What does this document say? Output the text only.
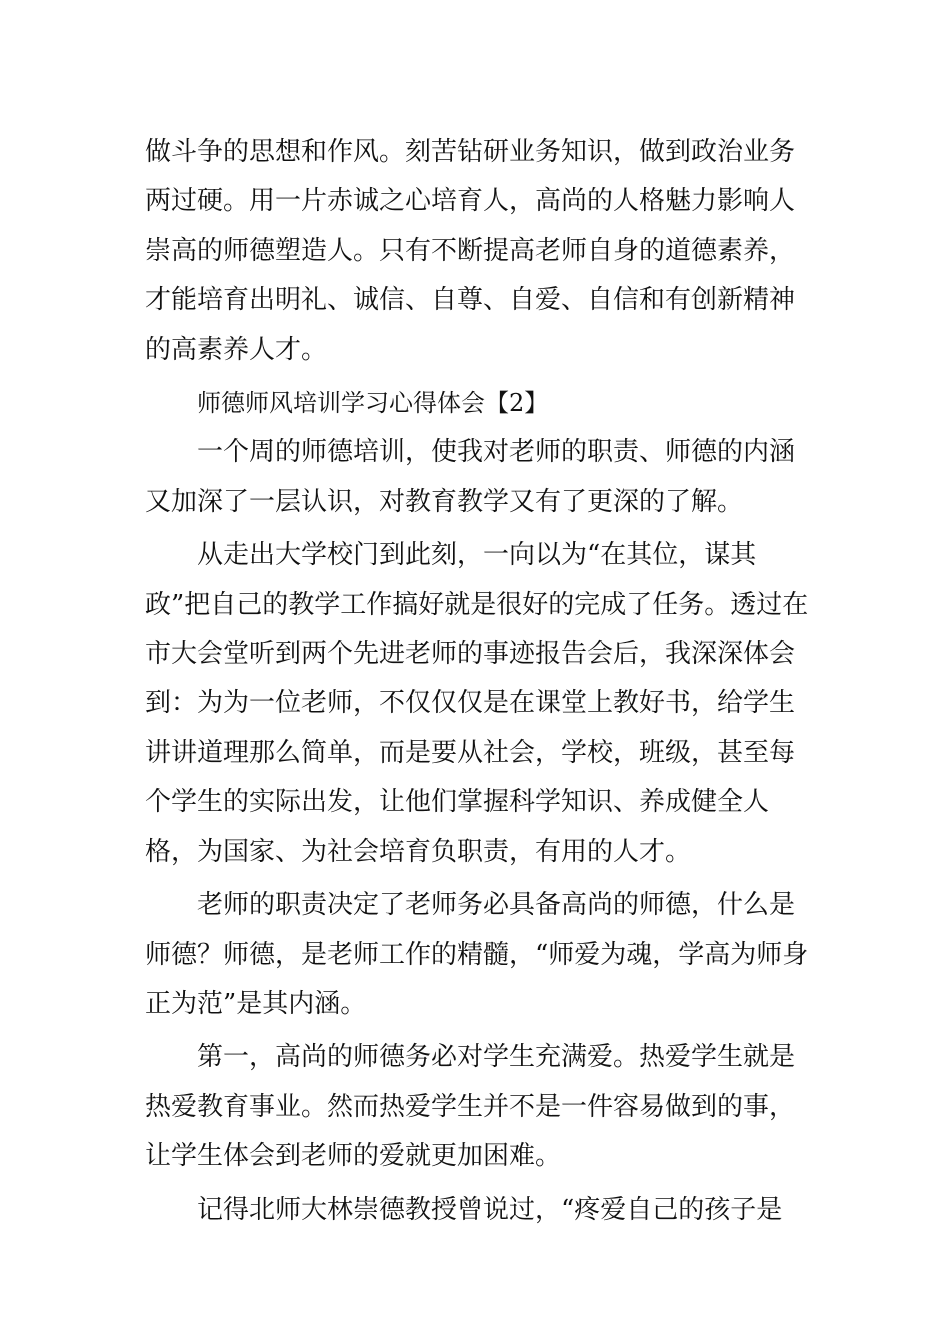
做斗争的思想和作风。刻苦钻研业务知识，做到政治业务两过硬。用一片赤诚之心培育人，高尚的人格魅力影响人崇高的师德塑造人。只有不断提高老师自身的道德素养，才能培育出明礼、诚信、自尊、自爱、自信和有创新精神的高素养人才。

师德师风培训学习心得体会【2】

一个周的师德培训，使我对老师的职责、师德的内涵又加深了一层认识，对教育教学又有了更深的了解。

从走出大学校门到此刻，一向以为“在其位，谋其政”把自己的教学工作搞好就是很好的完成了任务。透过在市大会堂听到两个先进老师的事迹报告会后，我深深体会到：为为一位老师，不仅仅仅是在课堂上教好书，给学生讲讲道理那么简单，而是要从社会，学校，班级，甚至每个学生的实际出发，让他们掌握科学知识、养成健全人格，为国家、为社会培育负职责，有用的人才。

老师的职责决定了老师务必具备高尚的师德，什么是师德？师德，是老师工作的精髓，“师爱为魂，学高为师身正为范”是其内涵。

第一，高尚的师德务必对学生充满爱。热爱学生就是热爱教育事业。然而热爱学生并不是一件容易做到的事，让学生体会到老师的爱就更加困难。

记得北师大林崇德教授曾说过，“疼爱自己的孩子是
